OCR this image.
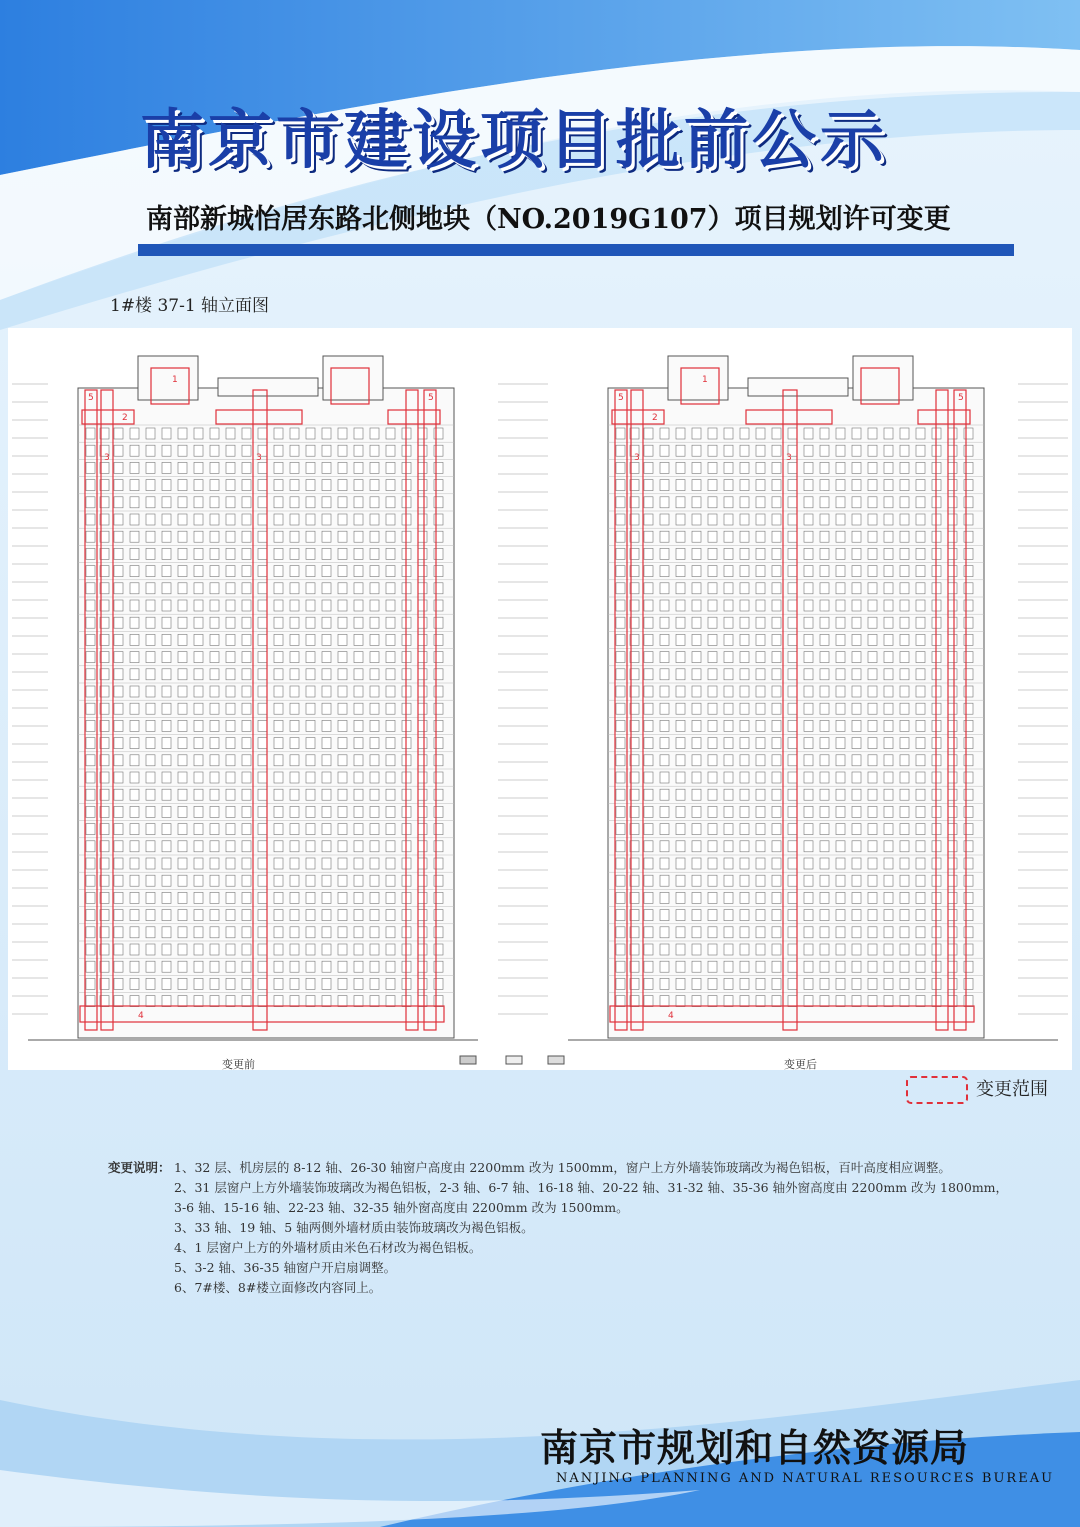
南京市建设项目批前公示
南部新城怡居东路北侧地块（NO.2019G107）项目规划许可变更
1#楼 37-1 轴立面图
5
2
3	3
5
1
4
变更前
5
2
3	3
5
1
4
变更后
变更范围
变更说明： 1、32 层、机房层的 8-12 轴、26-30 轴窗户高度由 2200mm 改为 1500mm，窗户上方外墙装饰玻璃改为褐色铝板，百叶高度相应调整。
2、31 层窗户上方外墙装饰玻璃改为褐色铝板，2-3 轴、6-7 轴、16-18 轴、20-22 轴、31-32 轴、35-36 轴外窗高度由 2200mm 改为 1800mm，3-6 轴、15-16 轴、22-23 轴、32-35 轴外窗高度由 2200mm 改为 1500mm。
3、33 轴、19 轴、5 轴两侧外墙材质由装饰玻璃改为褐色铝板。
4、1 层窗户上方的外墙材质由米色石材改为褐色铝板。
5、3-2 轴、36-35 轴窗户开启扇调整。
6、7#楼、8#楼立面修改内容同上。
南京市规划和自然资源局
NANJING PLANNING AND NATURAL RESOURCES BUREAU
